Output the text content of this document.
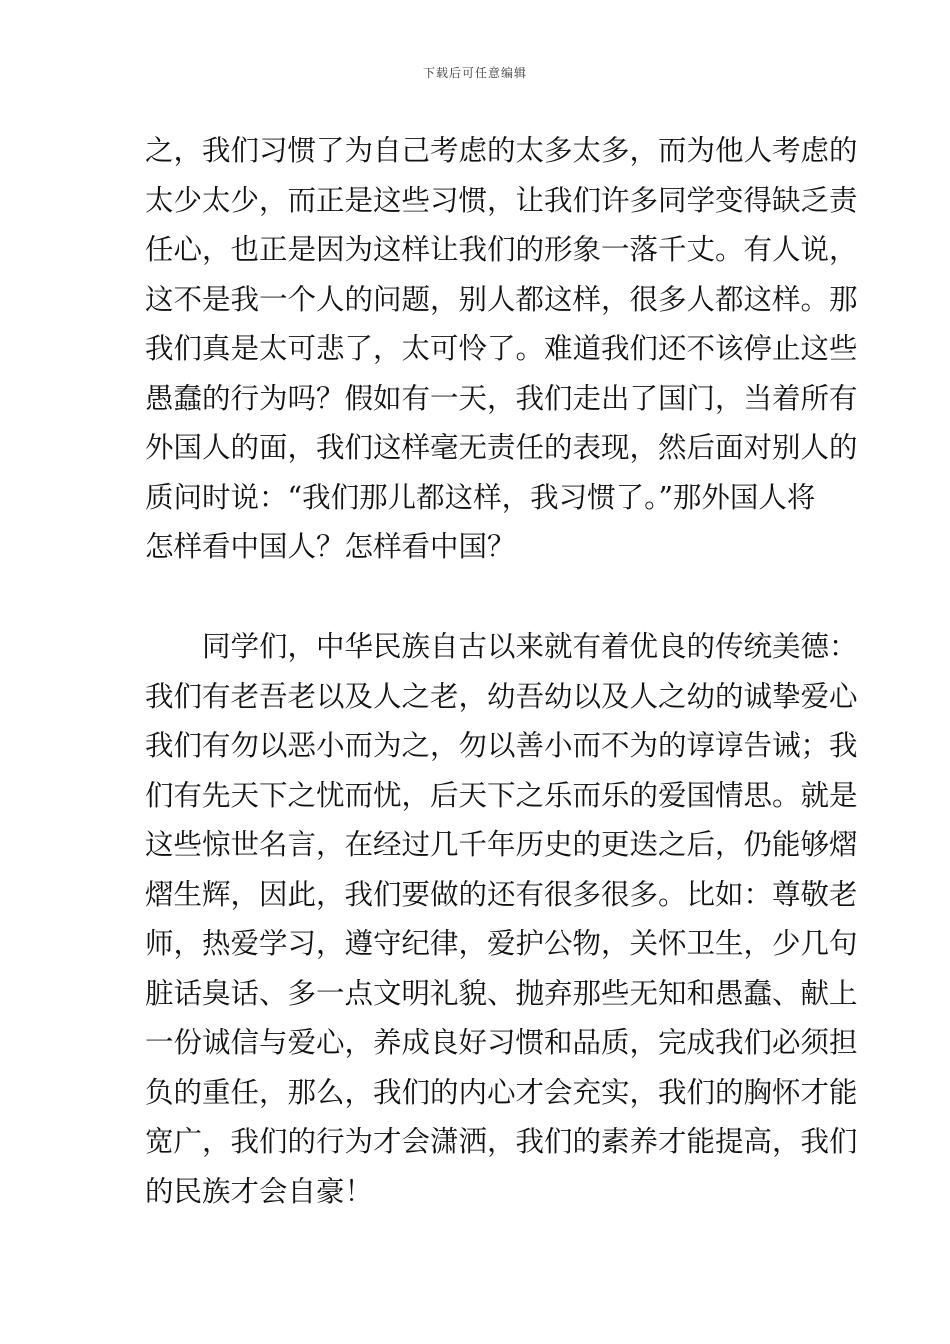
下载后可任意编辑
之，我们习惯了为自己考虑的太多太多，而为他人考虑的
太少太少，而正是这些习惯，让我们许多同学变得缺乏责
任心，也正是因为这样让我们的形象一落千丈。有人说，
这不是我一个人的问题，别人都这样，很多人都这样。那
我们真是太可悲了，太可怜了。难道我们还不该停止这些
愚蠢的行为吗？假如有一天，我们走出了国门，当着所有
外国人的面，我们这样毫无责任的表现，然后面对别人的
质问时说：“我们那儿都这样，我习惯了。”那外国人将
怎样看中国人？怎样看中国？
同学们，中华民族自古以来就有着优良的传统美德：
我们有老吾老以及人之老，幼吾幼以及人之幼的诚挚爱心
我们有勿以恶小而为之，勿以善小而不为的谆谆告诫；我
们有先天下之忧而忧，后天下之乐而乐的爱国情思。就是
这些惊世名言，在经过几千年历史的更迭之后，仍能够熠
熠生辉，因此，我们要做的还有很多很多。比如：尊敬老
师，热爱学习，遵守纪律，爱护公物，关怀卫生，少几句
脏话臭话、多一点文明礼貌、抛弃那些无知和愚蠢、献上
一份诚信与爱心，养成良好习惯和品质，完成我们必须担
负的重任，那么，我们的内心才会充实，我们的胸怀才能
宽广，我们的行为才会潇洒，我们的素养才能提高，我们
的民族才会自豪！
